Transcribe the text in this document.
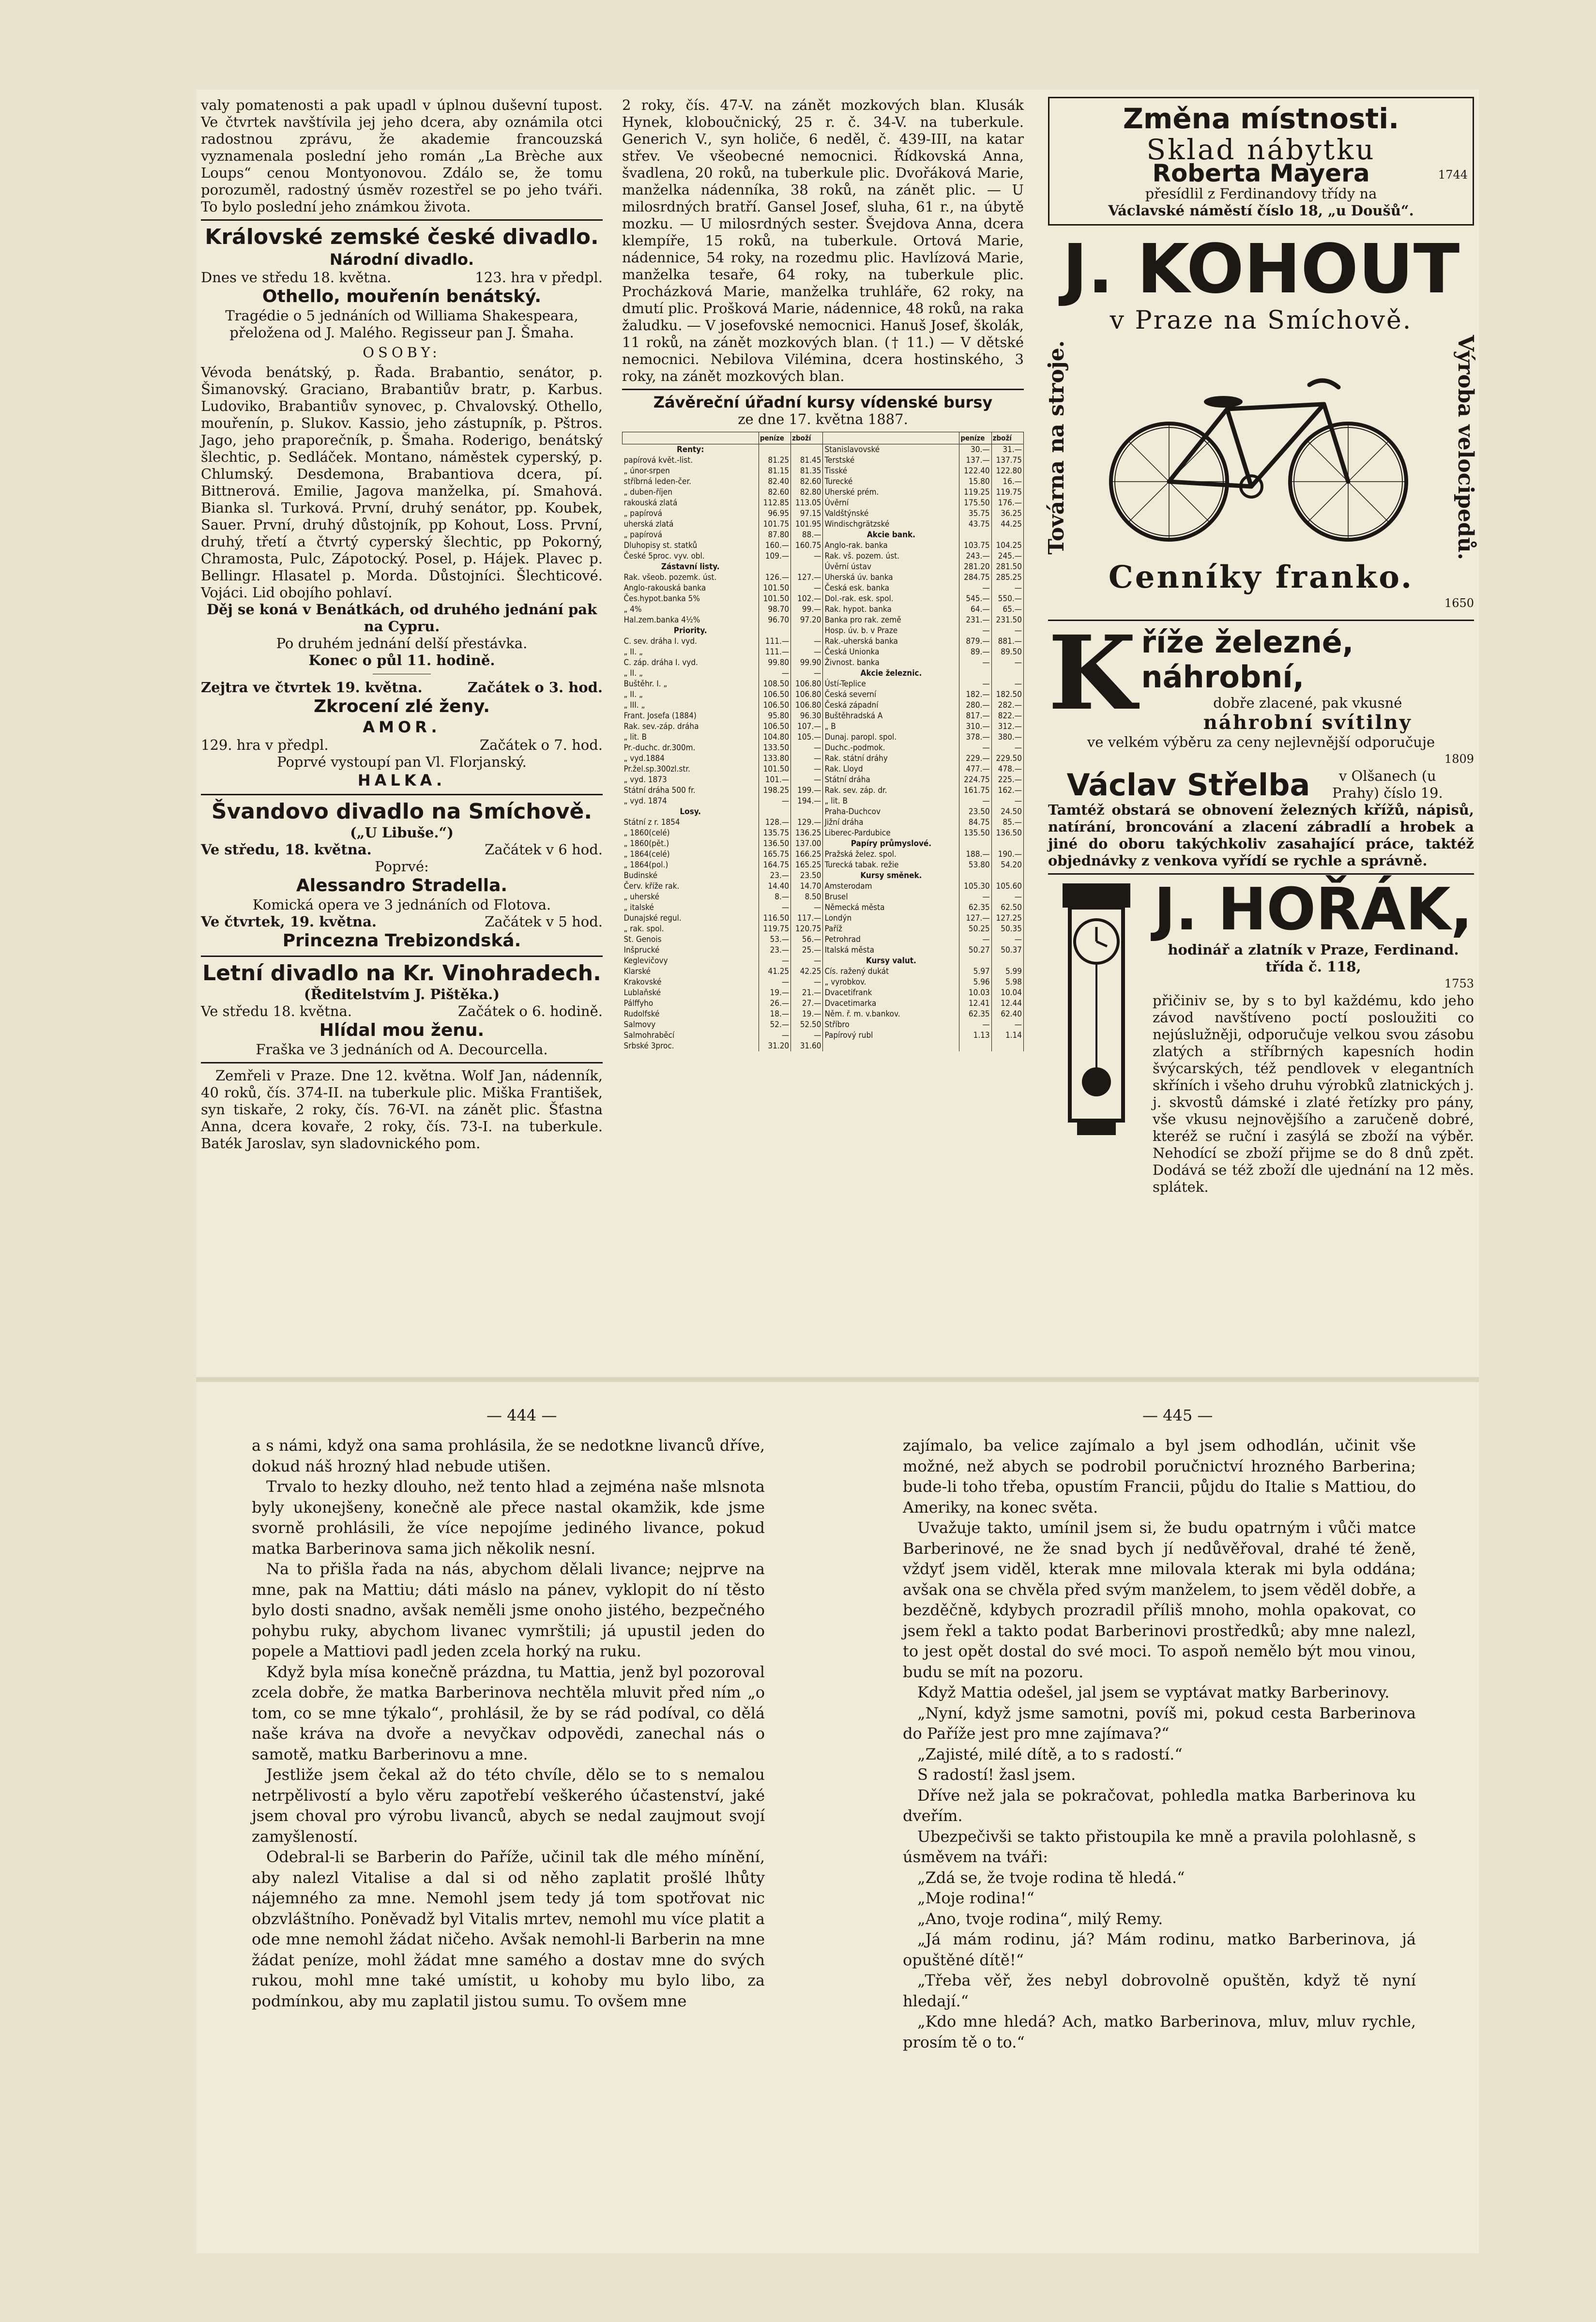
valy pomatenosti a pak upadl v úplnou duševní tupost. Ve čtvrtek navštívila jej jeho dcera, aby oznámila otci radostnou zprávu, že akademie francouzská vyznamenala poslední jeho román „La Brèche aux Loups“ cenou Montyonovou. Zdálo se, že tomu porozuměl, radostný úsměv rozestřel se po jeho tváři. To bylo poslední jeho známkou života.

Královské zemské české divadlo.
Národní divadlo.
Dnes ve středu 18. května.	123. hra v předpl.
Othello, mouřenín benátský.
Tragédie o 5 jednáních od Williama Shakespeara, přeložena od J. Malého. Regisseur pan J. Šmaha.
OSOBY:
Vévoda benátský, p. Řada. Brabantio, senátor, p. Šimanovský. Graciano, Brabantiův bratr, p. Karbus. Ludoviko, Brabantiův synovec, p. Chvalovský. Othello, mouřenín, p. Slukov. Kassio, jeho zástupník, p. Pštros. Jago, jeho praporečník, p. Šmaha. Roderigo, benátský šlechtic, p. Sedláček. Montano, náměstek cyperský, p. Chlumský. Desdemona, Brabantiova dcera, pí. Bittnerová. Emilie, Jagova manželka, pí. Smahová. Bianka sl. Turková. První, druhý senátor, pp. Koubek, Sauer. První, druhý důstojník, pp Kohout, Loss. První, druhý, třetí a čtvrtý cyperský šlechtic, pp Pokorný, Chramosta, Pulc, Zápotocký. Posel, p. Hájek. Plavec p. Bellingr. Hlasatel p. Morda. Důstojníci. Šlechticové. Vojáci. Lid obojího pohlaví.
Děj se koná v Benátkách, od druhého jednání pak na Cypru.
Po druhém jednání delší přestávka.
Konec o půl 11. hodině.
Zejtra ve čtvrtek 19. května.	Začátek o 3. hod.
Zkrocení zlé ženy.
AMOR.
129. hra v předpl.	Začátek o 7. hod.
Poprvé vystoupí pan Vl. Florjanský.
HALKA.
Švandovo divadlo na Smíchově.
(„U Libuše.“)
Ve středu, 18. května.	Začátek v 6 hod.
Poprvé:
Alessandro Stradella.
Komická opera ve 3 jednáních od Flotova.
Ve čtvrtek, 19. května.	Začátek v 5 hod.
Princezna Trebizondská.
Letní divadlo na Kr. Vinohradech.
(Ředitelstvím J. Pištěka.)
Ve středu 18. května.	Začátek o 6. hodině.
Hlídal mou ženu.
Fraška ve 3 jednáních od A. Decourcella.

Zemřeli v Praze. Dne 12. května. Wolf Jan, nádenník, 40 roků, čís. 374-II. na tuberkule plic. Miška František, syn tiskaře, 2 roky, čís. 76-VI. na zánět plic. Šťastna Anna, dcera kovaře, 2 roky, čís. 73-I. na tuberkule. Baték Jaroslav, syn sladovnického pom.

2 roky, čís. 47-V. na zánět mozkových blan. Klusák Hynek, kloboučnický, 25 r. č. 34-V. na tuberkule. Generich V., syn holiče, 6 neděl, č. 439-III, na katar střev. Ve všeobecné nemocnici. Řídkovská Anna, švadlena, 20 roků, na tuberkule plic. Dvořáková Marie, manželka nádenníka, 38 roků, na zánět plic. — U milosrdných bratří. Gansel Josef, sluha, 61 r., na úbytě mozku. — U milosrdných sester. Švejdova Anna, dcera klempíře, 15 roků, na tuberkule. Ortová Marie, nádennice, 54 roky, na rozedmu plic. Havlízová Marie, manželka tesaře, 64 roky, na tuberkule plic. Procházková Marie, manželka truhláře, 62 roky, na dmutí plic. Prošková Marie, nádennice, 48 roků, na raka žaludku. — V josefovské nemocnici. Hanuš Josef, školák, 11 roků, na zánět mozkových blan. († 11.) — V dětské nemocnici. Nebilova Vilémina, dcera hostinského, 3 roky, na zánět mozkových blan.

Závěreční úřadní kursy vídenské bursy
ze dne 17. května 1887.
	peníze	zboží		peníze	zboží
Renty:			Stanislavovské	30.—	31.—
papírová květ.-list.	81.25	81.45	Terstské	137.—	137.75
„ únor-srpen	81.15	81.35	Tisské	122.40	122.80
stříbrná leden-čer.	82.40	82.60	Turecké	15.80	16.—
„ duben-říjen	82.60	82.80	Uherské prém.	119.25	119.75
rakouská zlatá	112.85	113.05	Úvěrní	175.50	176.—
„ papírová	96.95	97.15	Valdštýnské	35.75	36.25
uherská zlatá	101.75	101.95	Windischgrätzské	43.75	44.25
„ papírová	87.80	88.—	Akcie bank.		
Dluhopisy st. statků	160.—	160.75	Anglo-rak. banka	103.75	104.25
České 5proc. vyv. obl.	109.—	—	Rak. vš. pozem. úst.	243.—	245.—
Zástavní listy.			Úvěrní ústav	281.20	281.50
Rak. všeob. pozemk. úst.	126.—	127.—	Uherská úv. banka	284.75	285.25
Anglo-rakouská banka	101.50	—	Česká esk. banka	—	—
Čes.hypot.banka 5%	101.50	102.—	Dol.-rak. esk. spol.	545.—	550.—
„ 4%	98.70	99.—	Rak. hypot. banka	64.—	65.—
Hal.zem.banka 4½%	96.70	97.20	Banka pro rak. země	231.—	231.50
Priority.			Hosp. úv. b. v Praze	—	—
C. sev. dráha I. vyd.	111.—	—	Rak.-uherská banka	879.—	881.—
„ II. „	111.—	—	Česká Unionka	89.—	89.50
C. záp. dráha I. vyd.	99.80	99.90	Živnost. banka	—	—
„ II. „	—	—	Akcie železnic.		
Buštěhr. I. „	108.50	106.80	Ústí-Teplice	—	—
„ II. „	106.50	106.80	Česká severní	182.—	182.50
„ III. „	106.50	106.80	Česká západní	280.—	282.—
Frant. Josefa (1884)	95.80	96.30	Buštěhradská A	817.—	822.—
Rak. sev.-záp. dráha	106.50	107.—	„ B	310.—	312.—
„ lit. B	104.80	105.—	Dunaj. paropl. spol.	378.—	380.—
Pr.-duchc. dr.300m.	133.50	—	Duchc.-podmok.	—	—
„ vyd.1884	133.80	—	Rak. státní dráhy	229.—	229.50
Pr.žel.sp.300zl.str.	101.50	—	Rak. Lloyd	477.—	478.—
„ vyd. 1873	101.—	—	Státní dráha	224.75	225.—
Státní dráha 500 fr.	198.25	199.—	Rak. sev. záp. dr.	161.75	162.—
„ vyd. 1874	—	194.—	„ lit. B	—	—
Losy.			Praha-Duchcov	23.50	24.50
Státní z r. 1854	128.—	129.—	Jižní dráha	84.75	85.—
„ 1860(celé)	135.75	136.25	Liberec-Pardubice	135.50	136.50
„ 1860(pět.)	136.50	137.00	Papíry průmyslové.		
„ 1864(celé)	165.75	166.25	Pražská želez. spol.	188.—	190.—
„ 1864(pol.)	164.75	165.25	Turecká tabak. režie	53.80	54.20
Budinské	23.—	23.50	Kursy směnek.		
Červ. kříže rak.	14.40	14.70	Amsterodam	105.30	105.60
„ uherské	8.—	8.50	Brusel	—	—
„ italské	—	—	Německá města	62.35	62.50
Dunajské regul.	116.50	117.—	Londýn	127.—	127.25
„ rak. spol.	119.75	120.75	Paříž	50.25	50.35
St. Genois	53.—	56.—	Petrohrad	—	—
Inšprucké	23.—	25.—	Italská města	50.27	50.37
Keglevičovy	—	—	Kursy valut.		
Klarské	41.25	42.25	Cís. ražený dukát	5.97	5.99
Krakovské	—	—	„ vyrobkov.	5.96	5.98
Lublaňské	19.—	21.—	Dvacetifrank	10.03	10.04
Pálffyho	26.—	27.—	Dvacetimarka	12.41	12.44
Rudolfské	18.—	19.—	Něm. ř. m. v.bankov.	62.35	62.40
Salmovy	52.—	52.50	Stříbro	—	—
Salmohraběcí	—	—	Papírový rubl	1.13	1.14
Srbské 3proc.	31.20	31.60			
Změna místnosti.
Sklad nábytku
Roberta Mayera	1744
přesídlil z Ferdinandovy třídy na
Václavské náměstí číslo 18, „u Doušů“.
J. KOHOUT
v Praze na Smíchově.
Továrna na stroje.	Výroba velocipedů.
Cenníky franko.
1650
K říže železné, náhrobní,
dobře zlacené, pak vkusné
náhrobní svítilny
ve velkém výběru za ceny nejlevnější odporučuje
1809
Václav Střelba	v Olšanech (u Prahy) číslo 19.
Tamtéž obstará se obnovení železných křížů, nápisů, natírání, broncování a zlacení zábradlí a hrobek a jiné do oboru takýchkoliv zasahající práce, taktéž objednávky z venkova vyřídí se rychle a správně.
J. HOŘÁK,
hodinář a zlatník v Praze, Ferdinand. třída č. 118,
1753
přičiniv se, by s to byl každému, kdo jeho závod navštíveno poctí posloužiti co nejúslužněji, odporučuje velkou svou zásobu zlatých a stříbrných kapesních hodin švýcarských, též pendlovek v elegantních skříních i všeho druhu výrobků zlatnických j. j. skvostů dámské i zlaté řetízky pro pány, vše vkusu nejnovějšího a zaručeně dobré, kteréž se ruční i zasýlá se zboží na výběr. Nehodící se zboží přijme se do 8 dnů zpět. Dodává se též zboží dle ujednání na 12 měs. splátek.
— 444 —	— 445 —

a s námi, když ona sama prohlásila, že se nedotkne livanců dříve, dokud náš hrozný hlad nebude utišen.

Trvalo to hezky dlouho, než tento hlad a zejména naše mlsnota byly ukonejšeny, konečně ale přece nastal okamžik, kde jsme svorně prohlásili, že více nepojíme jediného livance, pokud matka Barberinova sama jich několik nesní.

Na to přišla řada na nás, abychom dělali livance; nejprve na mne, pak na Mattiu; dáti máslo na pánev, vyklopit do ní těsto bylo dosti snadno, avšak neměli jsme onoho jistého, bezpečného pohybu ruky, abychom livanec vymrštili; já upustil jeden do popele a Mattiovi padl jeden zcela horký na ruku.

Když byla mísa konečně prázdna, tu Mattia, jenž byl pozoroval zcela dobře, že matka Barberinova nechtěla mluvit před ním „o tom, co se mne týkalo“, prohlásil, že by se rád podíval, co dělá naše kráva na dvoře a nevyčkav odpovědi, zanechal nás o samotě, matku Barberinovu a mne.

Jestliže jsem čekal až do této chvíle, dělo se to s nemalou netrpělivostí a bylo věru zapotřebí veškerého účastenství, jaké jsem choval pro výrobu livanců, abych se nedal zaujmout svojí zamyšleností.

Odebral-li se Barberin do Paříže, učinil tak dle mého mínění, aby nalezl Vitalise a dal si od něho zaplatit prošlé lhůty nájemného za mne. Nemohl jsem tedy já tom spotřovat nic obzvláštního. Poněvadž byl Vitalis mrtev, nemohl mu více platit a ode mne nemohl žádat ničeho. Avšak nemohl-li Barberin na mne žádat peníze, mohl žádat mne samého a dostav mne do svých rukou, mohl mne také umístit, u kohoby mu bylo libo, za podmínkou, aby mu zaplatil jistou sumu. To ovšem mne

zajímalo, ba velice zajímalo a byl jsem odhodlán, učinit vše možné, než abych se podrobil poručnictví hrozného Barberina; bude-li toho třeba, opustím Francii, půjdu do Italie s Mattiou, do Ameriky, na konec světa.

Uvažuje takto, umínil jsem si, že budu opatrným i vůči matce Barberinové, ne že snad bych jí nedůvěřoval, drahé té ženě, vždyť jsem viděl, kterak mne milovala kterak mi byla oddána; avšak ona se chvěla před svým manželem, to jsem věděl dobře, a bezděčně, kdybych prozradil příliš mnoho, mohla opakovat, co jsem řekl a takto podat Barberinovi prostředků; aby mne nalezl, to jest opět dostal do své moci. To aspoň nemělo být mou vinou, budu se mít na pozoru.

Když Mattia odešel, jal jsem se vyptávat matky Barberinovy.

„Nyní, když jsme samotni, povíš mi, pokud cesta Barberinova do Paříže jest pro mne zajímava?“

„Zajisté, milé dítě, a to s radostí.“

S radostí! žasl jsem.

Dříve než jala se pokračovat, pohledla matka Barberinova ku dveřím.

Ubezpečivši se takto přistoupila ke mně a pravila polohlasně, s úsměvem na tváři:

„Zdá se, že tvoje rodina tě hledá.“

„Moje rodina!“

„Ano, tvoje rodina“, milý Remy.

„Já mám rodinu, já? Mám rodinu, matko Barberinova, já opuštěné dítě!“

„Třeba věř, žes nebyl dobrovolně opuštěn, když tě nyní hledají.“

„Kdo mne hledá? Ach, matko Barberinova, mluv, mluv rychle, prosím tě o to.“
